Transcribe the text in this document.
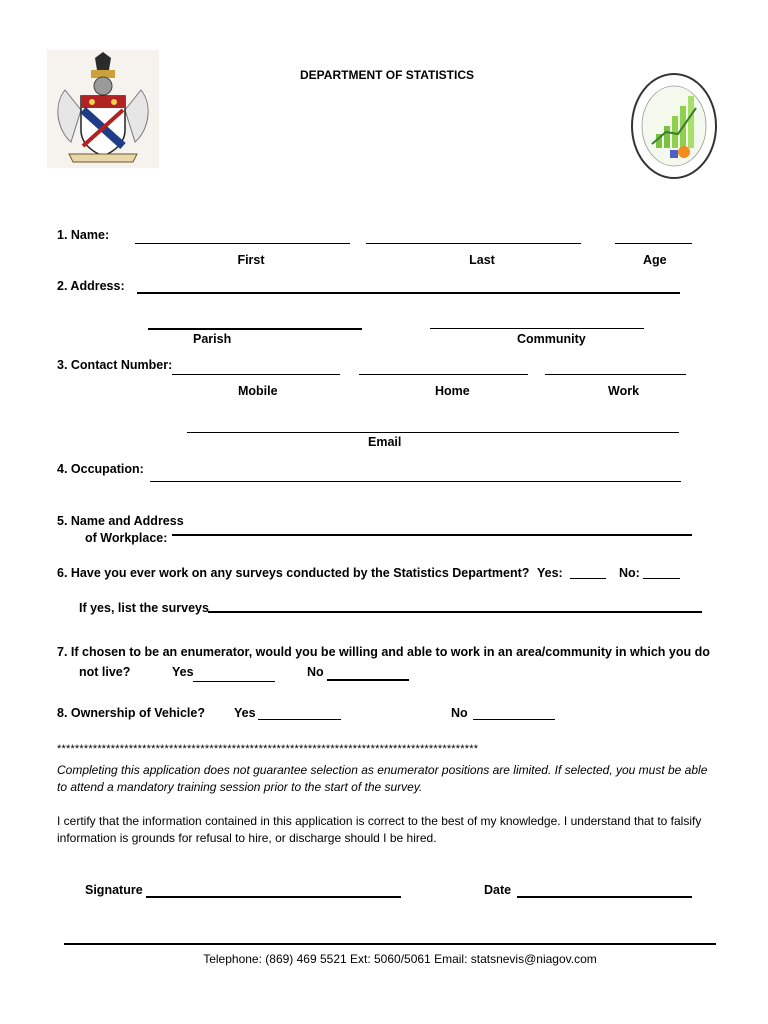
DEPARTMENT OF STATISTICS
1. Name:
First	Last	Age
2. Address:
Parish	Community
3. Contact Number:
Mobile	Home	Work
Email
4. Occupation:
5. Name and Address
of Workplace:
6. Have you ever work on any surveys conducted by the Statistics Department? Yes:	No:
If yes, list the surveys
7. If chosen to be an enumerator, would you be willing and able to work in an area/community in which you do
not live?	Yes	No
8. Ownership of Vehicle? Yes	No
**********************************************************************************************
Completing this application does not guarantee selection as enumerator positions are limited. If selected, you must be able to attend a mandatory training session prior to the start of the survey.
I certify that the information contained in this application is correct to the best of my knowledge. I understand that to falsify information is grounds for refusal to hire, or discharge should I be hired.
Signature	Date
Telephone: (869) 469 5521 Ext: 5060/5061 Email: statsnevis@niagov.com
